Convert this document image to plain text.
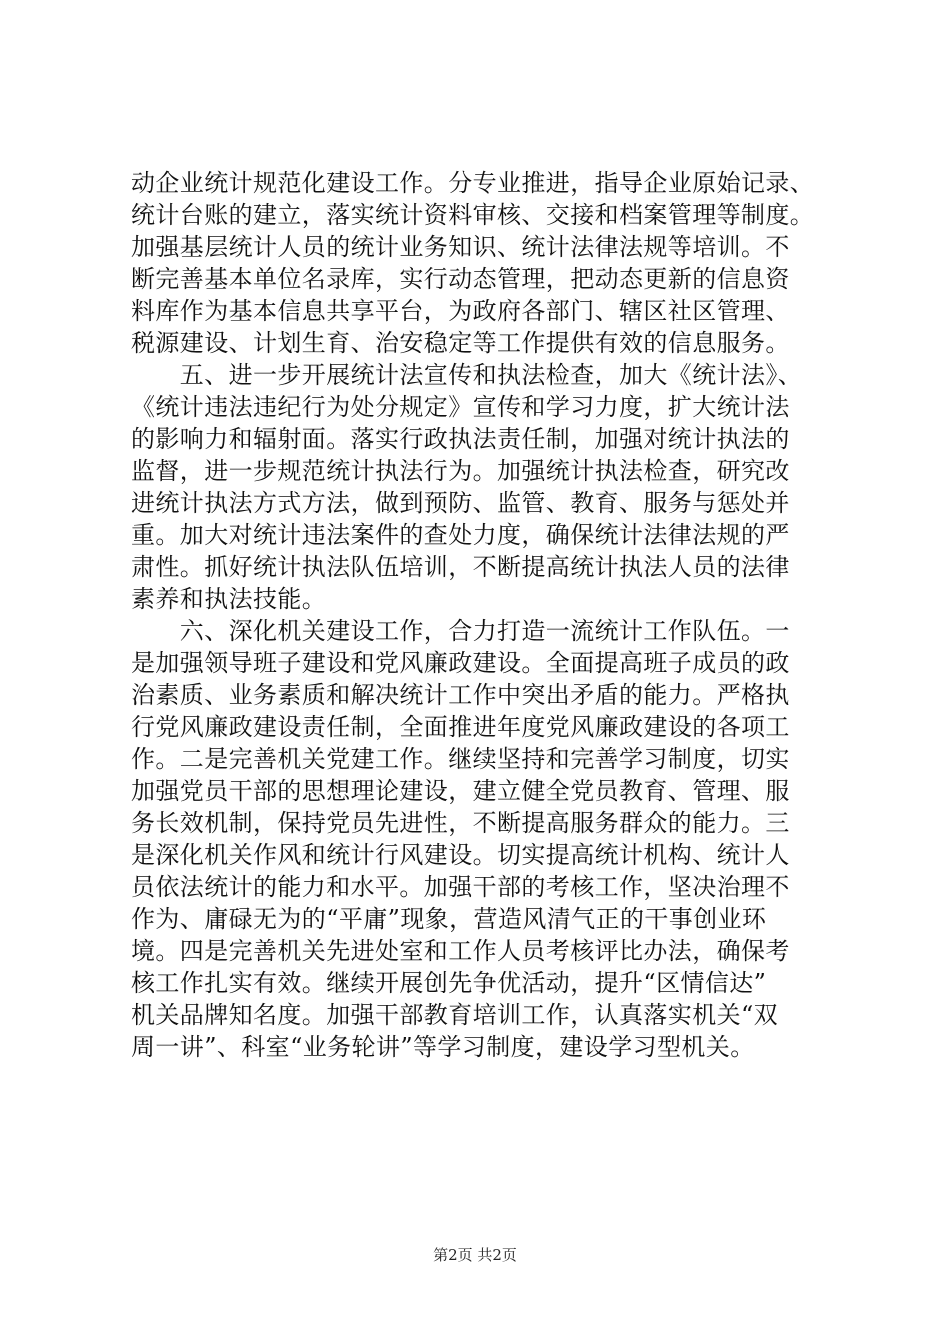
动企业统计规范化建设工作。分专业推进，指导企业原始记录、
统计台账的建立，落实统计资料审核、交接和档案管理等制度。
加强基层统计人员的统计业务知识、统计法律法规等培训。不
断完善基本单位名录库，实行动态管理，把动态更新的信息资
料库作为基本信息共享平台，为政府各部门、辖区社区管理、
税源建设、计划生育、治安稳定等工作提供有效的信息服务。
　　五、进一步开展统计法宣传和执法检查，加大《统计法》、
《统计违法违纪行为处分规定》宣传和学习力度，扩大统计法
的影响力和辐射面。落实行政执法责任制，加强对统计执法的
监督，进一步规范统计执法行为。加强统计执法检查，研究改
进统计执法方式方法，做到预防、监管、教育、服务与惩处并
重。加大对统计违法案件的查处力度，确保统计法律法规的严
肃性。抓好统计执法队伍培训，不断提高统计执法人员的法律
素养和执法技能。
　　六、深化机关建设工作，合力打造一流统计工作队伍。一
是加强领导班子建设和党风廉政建设。全面提高班子成员的政
治素质、业务素质和解决统计工作中突出矛盾的能力。严格执
行党风廉政建设责任制，全面推进年度党风廉政建设的各项工
作。二是完善机关党建工作。继续坚持和完善学习制度，切实
加强党员干部的思想理论建设，建立健全党员教育、管理、服
务长效机制，保持党员先进性，不断提高服务群众的能力。三
是深化机关作风和统计行风建设。切实提高统计机构、统计人
员依法统计的能力和水平。加强干部的考核工作，坚决治理不
作为、庸碌无为的“平庸”现象，营造风清气正的干事创业环
境。四是完善机关先进处室和工作人员考核评比办法，确保考
核工作扎实有效。继续开展创先争优活动，提升“区情信达”
机关品牌知名度。加强干部教育培训工作，认真落实机关“双
周一讲”、科室“业务轮讲”等学习制度，建设学习型机关。
第2页 共2页
